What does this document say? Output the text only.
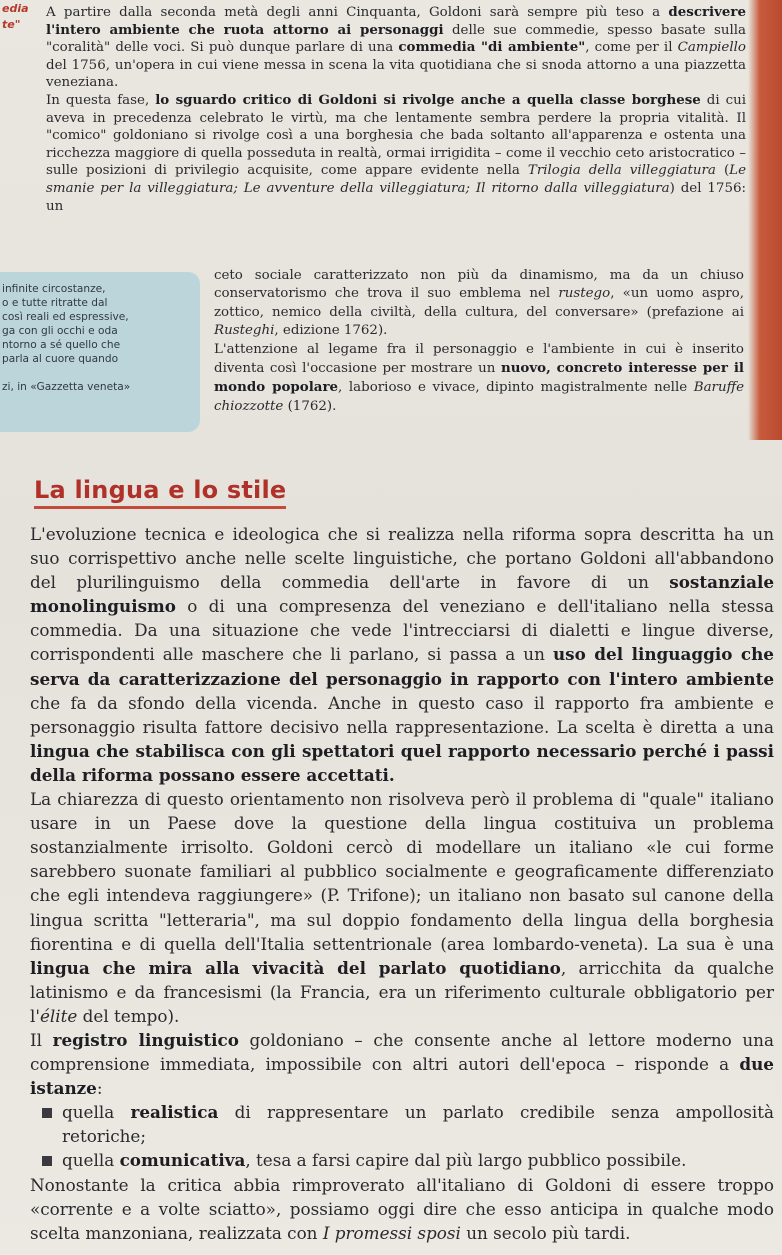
edia
te"

A partire dalla seconda metà degli anni Cinquanta, Goldoni sarà sempre più teso a descrivere l'intero ambiente che ruota attorno ai personaggi delle sue commedie, spesso basate sulla "coralità" delle voci. Si può dunque parlare di una commedia "di ambiente", come per il Campiello del 1756, un'opera in cui viene messa in scena la vita quotidiana che si snoda attorno a una piazzetta veneziana.

In questa fase, lo sguardo critico di Goldoni si rivolge anche a quella classe borghese di cui aveva in precedenza celebrato le virtù, ma che lentamente sembra perdere la propria vitalità. Il "comico" goldoniano si rivolge così a una borghesia che bada soltanto all'apparenza e ostenta una ricchezza maggiore di quella posseduta in realtà, ormai irrigidita – come il vecchio ceto aristocratico – sulle posizioni di privilegio acquisite, come appare evidente nella Trilogia della villeggiatura (Le smanie per la villeggiatura; Le avventure della villeggiatura; Il ritorno dalla villeggiatura) del 1756: un

infinite circostanze,
o e tutte ritratte dal
così reali ed espressive,
ga con gli occhi e oda
ntorno a sé quello che
parla al cuore quando
zi, in «Gazzetta veneta»

ceto sociale caratterizzato non più da dinamismo, ma da un chiuso conservatorismo che trova il suo emblema nel rustego, «un uomo aspro, zottico, nemico della civiltà, della cultura, del conversare» (prefazione ai Rusteghi, edizione 1762).

L'attenzione al legame fra il personaggio e l'ambiente in cui è inserito diventa così l'occasione per mostrare un nuovo, concreto interesse per il mondo popolare, laborioso e vivace, dipinto magistralmente nelle Baruffe chiozzotte (1762).

La lingua e lo stile

L'evoluzione tecnica e ideologica che si realizza nella riforma sopra descritta ha un suo corrispettivo anche nelle scelte linguistiche, che portano Goldoni all'abbandono del plurilinguismo della commedia dell'arte in favore di un sostanziale monolinguismo o di una compresenza del veneziano e dell'italiano nella stessa commedia. Da una situazione che vede l'intrecciarsi di dialetti e lingue diverse, corrispondenti alle maschere che li parlano, si passa a un uso del linguaggio che serva da caratterizzazione del personaggio in rapporto con l'intero ambiente che fa da sfondo della vicenda. Anche in questo caso il rapporto fra ambiente e personaggio risulta fattore decisivo nella rappresentazione. La scelta è diretta a una lingua che stabilisca con gli spettatori quel rapporto necessario perché i passi della riforma possano essere accettati.

La chiarezza di questo orientamento non risolveva però il problema di "quale" italiano usare in un Paese dove la questione della lingua costituiva un problema sostanzialmente irrisolto. Goldoni cercò di modellare un italiano «le cui forme sarebbero suonate familiari al pubblico socialmente e geograficamente differenziato che egli intendeva raggiungere» (P. Trifone); un italiano non basato sul canone della lingua scritta "letteraria", ma sul doppio fondamento della lingua della borghesia fiorentina e di quella dell'Italia settentrionale (area lombardo-veneta). La sua è una lingua che mira alla vivacità del parlato quotidiano, arricchita da qualche latinismo e da francesismi (la Francia, era un riferimento culturale obbligatorio per l'élite del tempo).

Il registro linguistico goldoniano – che consente anche al lettore moderno una comprensione immediata, impossibile con altri autori dell'epoca – risponde a due istanze:

quella realistica di rappresentare un parlato credibile senza ampollosità retoriche;

quella comunicativa, tesa a farsi capire dal più largo pubblico possibile.

Nonostante la critica abbia rimproverato all'italiano di Goldoni di essere troppo «corrente e a volte sciatto», possiamo oggi dire che esso anticipa in qualche modo scelta manzoniana, realizzata con I promessi sposi un secolo più tardi.
